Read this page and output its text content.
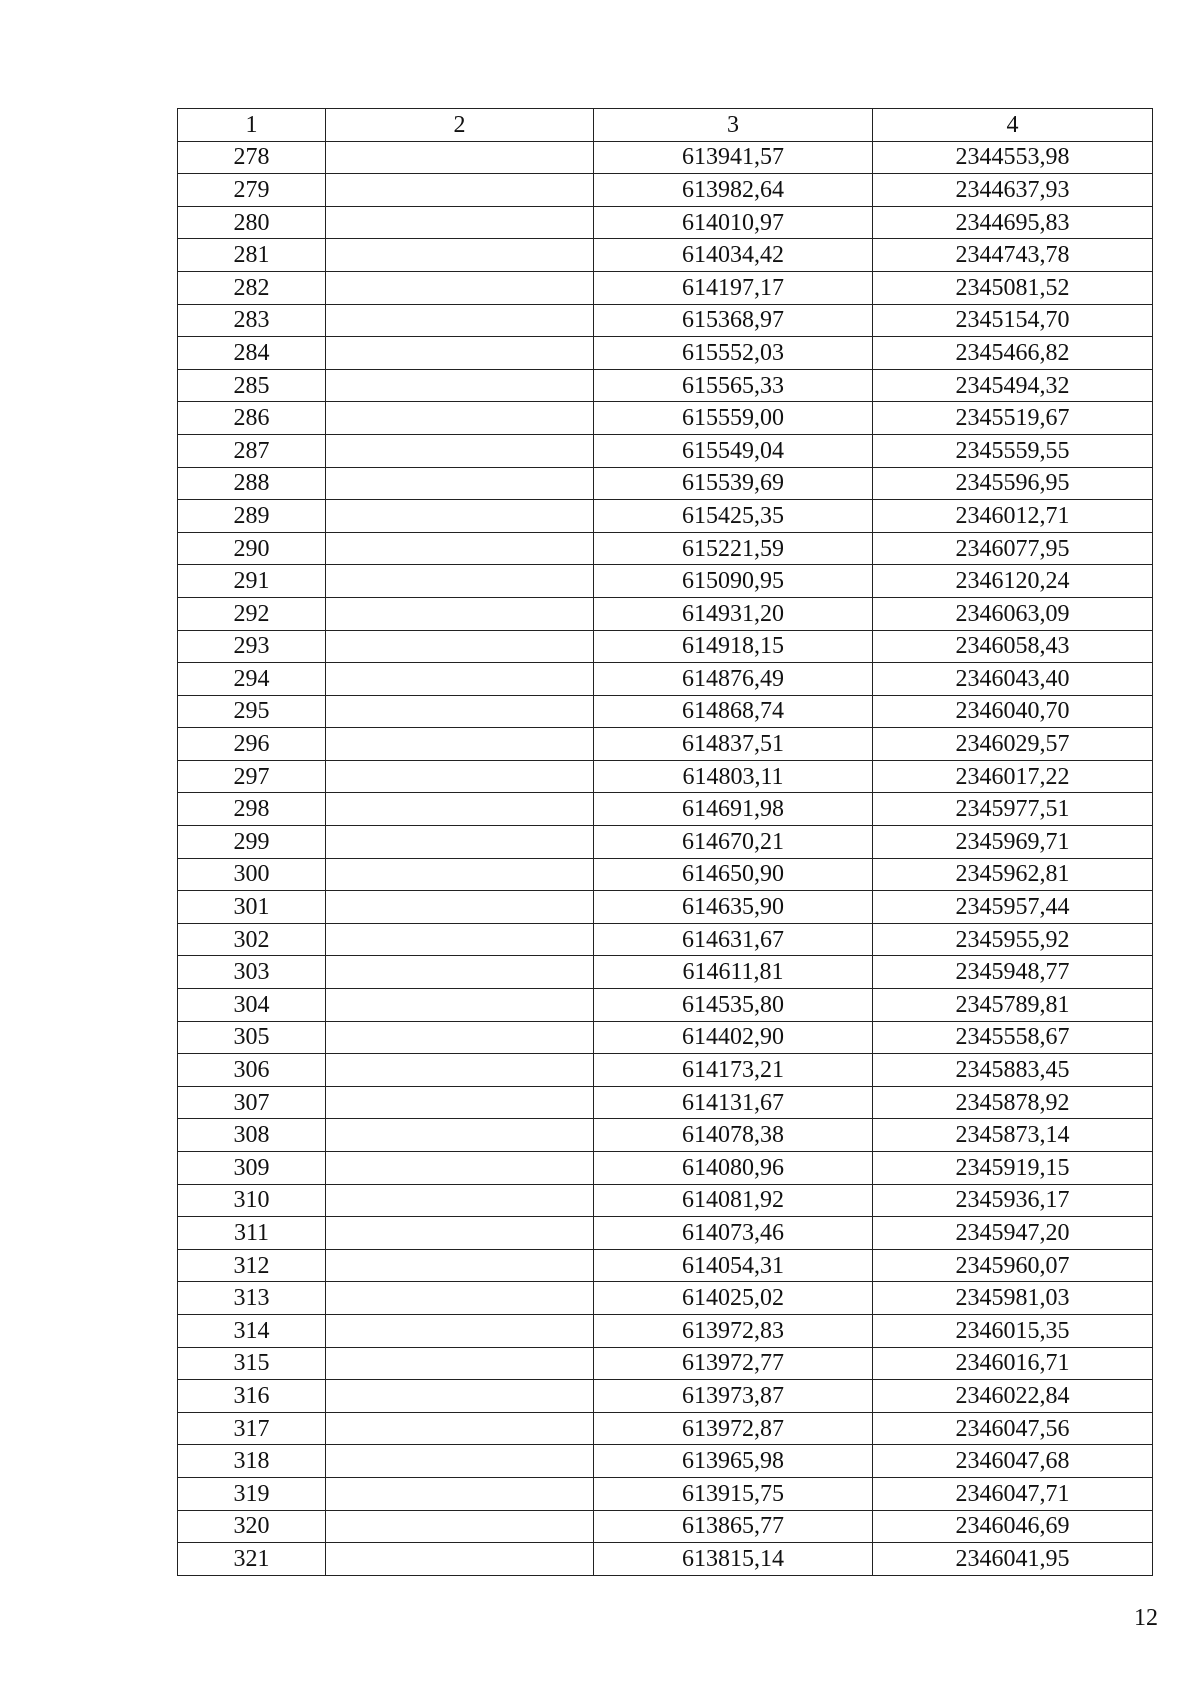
1	2	3	4
278		613941,57	2344553,98
279		613982,64	2344637,93
280		614010,97	2344695,83
281		614034,42	2344743,78
282		614197,17	2345081,52
283		615368,97	2345154,70
284		615552,03	2345466,82
285		615565,33	2345494,32
286		615559,00	2345519,67
287		615549,04	2345559,55
288		615539,69	2345596,95
289		615425,35	2346012,71
290		615221,59	2346077,95
291		615090,95	2346120,24
292		614931,20	2346063,09
293		614918,15	2346058,43
294		614876,49	2346043,40
295		614868,74	2346040,70
296		614837,51	2346029,57
297		614803,11	2346017,22
298		614691,98	2345977,51
299		614670,21	2345969,71
300		614650,90	2345962,81
301		614635,90	2345957,44
302		614631,67	2345955,92
303		614611,81	2345948,77
304		614535,80	2345789,81
305		614402,90	2345558,67
306		614173,21	2345883,45
307		614131,67	2345878,92
308		614078,38	2345873,14
309		614080,96	2345919,15
310		614081,92	2345936,17
311		614073,46	2345947,20
312		614054,31	2345960,07
313		614025,02	2345981,03
314		613972,83	2346015,35
315		613972,77	2346016,71
316		613973,87	2346022,84
317		613972,87	2346047,56
318		613965,98	2346047,68
319		613915,75	2346047,71
320		613865,77	2346046,69
321		613815,14	2346041,95
12
